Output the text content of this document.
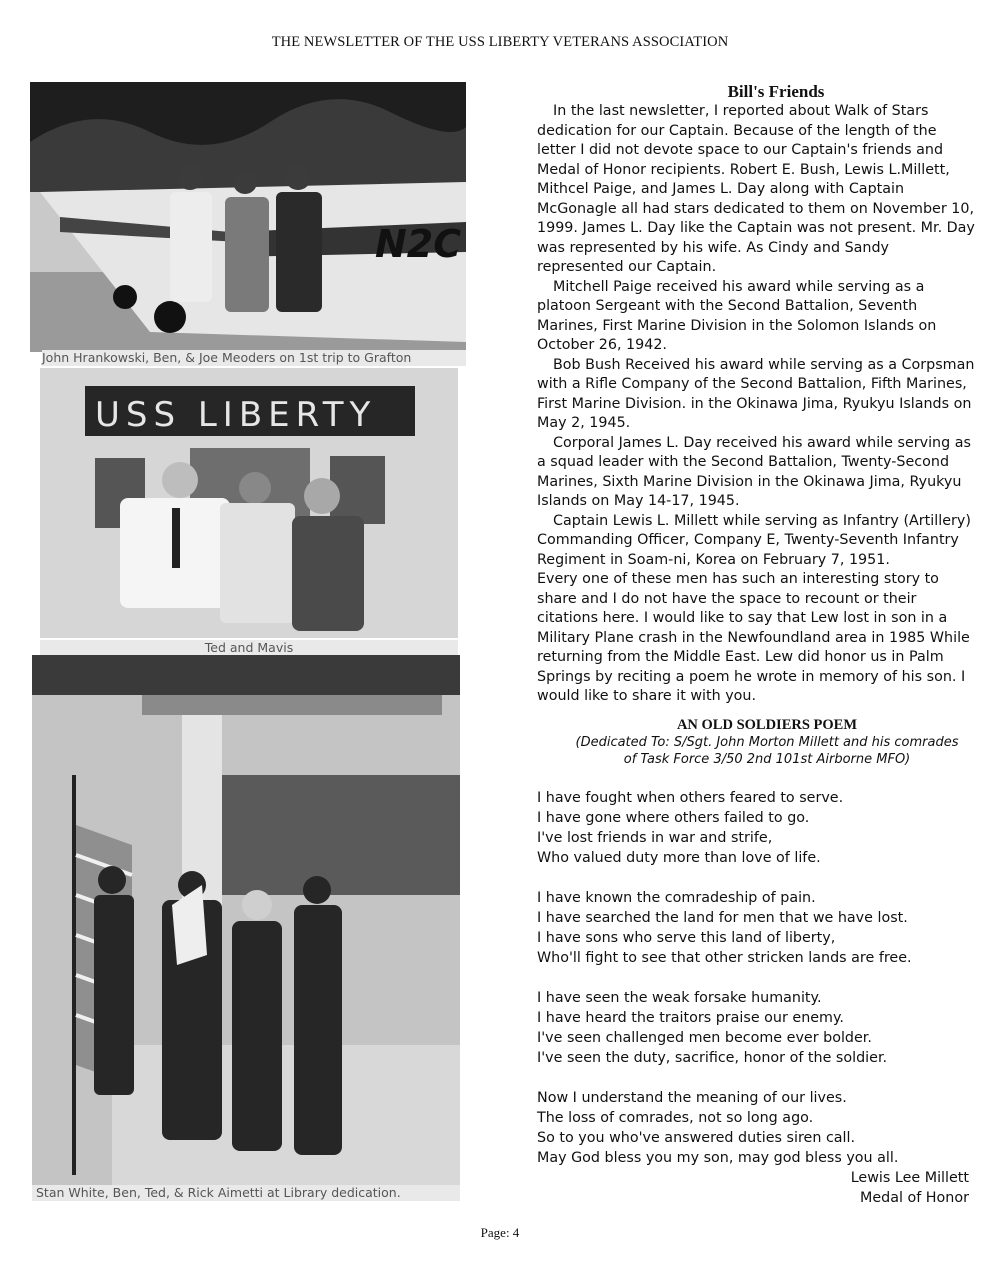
THE NEWSLETTER OF THE USS LIBERTY VETERANS ASSOCIATION
N2C
John Hrankowski, Ben, & Joe Meoders on 1st trip to Grafton
USS LIBERTY
Ted and Mavis
Stan White, Ben, Ted, & Rick Aimetti at Library dedication.
Bill's Friends

In the last newsletter, I reported about Walk of Stars dedication for our Captain. Because of the length of the letter I did not devote space to our Captain's friends and Medal of Honor recipients. Robert E. Bush, Lewis L.Millett, Mithcel Paige, and James L. Day along with Captain McGonagle all had stars dedicated to them on November 10, 1999. James L. Day like the Captain was not present. Mr. Day was represented by his wife. As Cindy and Sandy represented our Captain.

Mitchell Paige received his award while serving as a platoon Sergeant with the Second Battalion, Seventh Marines, First Marine Division in the Solomon Islands on October 26, 1942.

Bob Bush Received his award while serving as a Corpsman with a Rifle Company of the Second Battalion, Fifth Marines, First Marine Division. in the Okinawa Jima, Ryukyu Islands on May 2, 1945.

Corporal James L. Day received his award while serving as a squad leader with the Second Battalion, Twenty-Second Marines, Sixth Marine Division in the Okinawa Jima, Ryukyu Islands on May 14-17, 1945.

Captain Lewis L. Millett while serving as Infantry (Artillery) Commanding Officer, Company E, Twenty-Seventh Infantry Regiment in Soam-ni, Korea on February 7, 1951.

Every one of these men has such an interesting story to share and I do not have the space to recount or their citations here. I would like to say that Lew lost in son in a Military Plane crash in the Newfoundland area in 1985 While returning from the Middle East. Lew did honor us in Palm Springs by reciting a poem he wrote in memory of his son. I would like to share it with you.

AN OLD SOLDIERS POEM
(Dedicated To: S/Sgt. John Morton Millett and his comrades
of Task Force 3/50 2nd 101st Airborne MFO)
I have fought when others feared to serve.
I have gone where others failed to go.
I've lost friends in war and strife,
Who valued duty more than love of life.
I have known the comradeship of pain.
I have searched the land for men that we have lost.
I have sons who serve this land of liberty,
Who'll fight to see that other stricken lands are free.
I have seen the weak forsake humanity.
I have heard the traitors praise our enemy.
I've seen challenged men become ever bolder.
I've seen the duty, sacrifice, honor of the soldier.
Now I understand the meaning of our lives.
The loss of comrades, not so long ago.
So to you who've answered duties siren call.
May God bless you my son, may god bless you all.
Lewis Lee Millett
Medal of Honor
Page: 4
